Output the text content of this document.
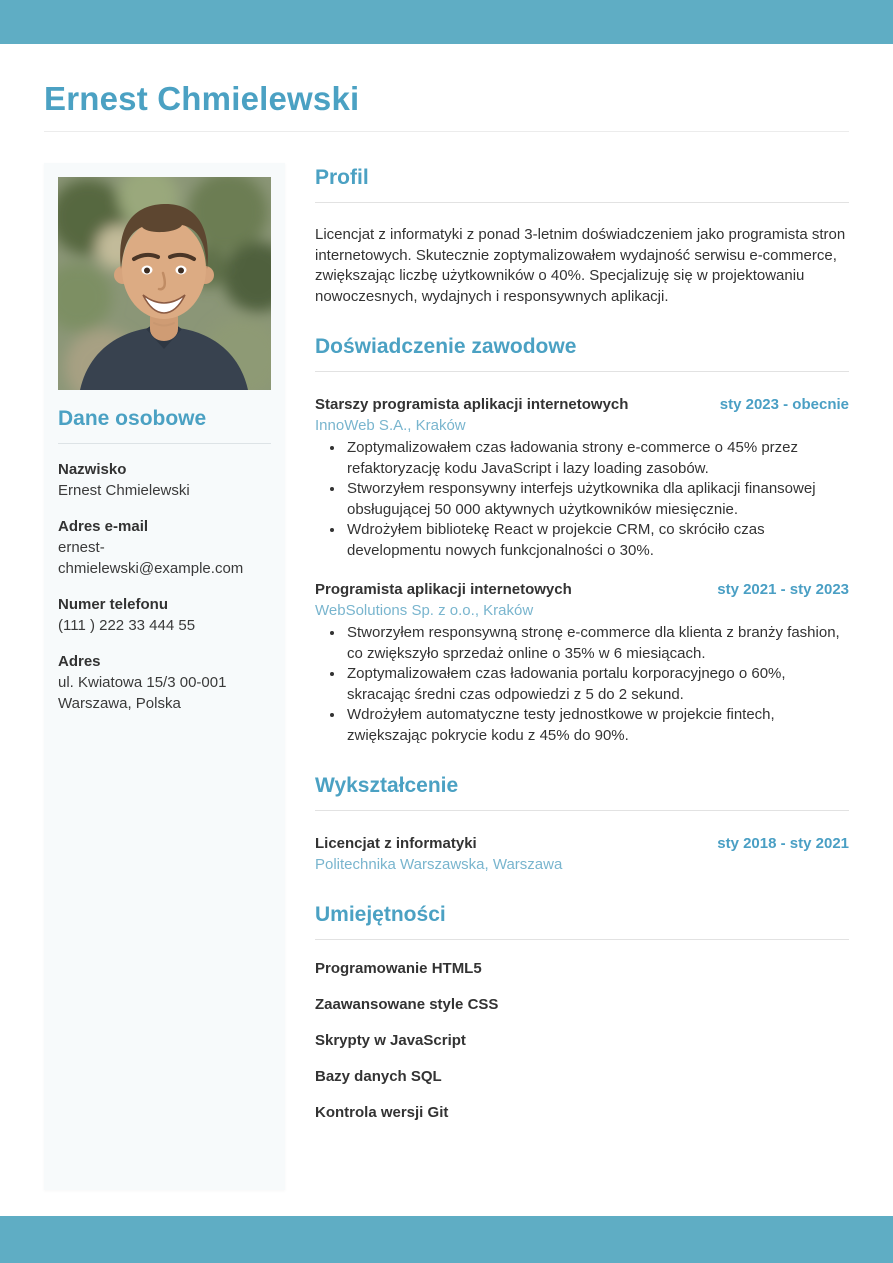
Ernest Chmielewski
Dane osobowe
Nazwisko
Ernest Chmielewski
Adres e-mail
ernest-chmielewski@example.com
Numer telefonu
(111 ) 222 33 444 55
Adres
ul. Kwiatowa 15/3 00-001 Warszawa, Polska
Profil

Licencjat z informatyki z ponad 3-letnim doświadczeniem jako programista stron internetowych. Skutecznie zoptymalizowałem wydajność serwisu e-commerce, zwiększając liczbę użytkowników o 40%. Specjalizuję się w projektowaniu nowoczesnych, wydajnych i responsywnych aplikacji.

Doświadczenie zawodowe
Starszy programista aplikacji internetowych	sty 2023 - obecnie
InnoWeb S.A., Kraków
• Zoptymalizowałem czas ładowania strony e-commerce o 45% przez refaktoryzację kodu JavaScript i lazy loading zasobów.
• Stworzyłem responsywny interfejs użytkownika dla aplikacji finansowej obsługującej 50 000 aktywnych użytkowników miesięcznie.
• Wdrożyłem bibliotekę React w projekcie CRM, co skróciło czas developmentu nowych funkcjonalności o 30%.
Programista aplikacji internetowych	sty 2021 - sty 2023
WebSolutions Sp. z o.o., Kraków
• Stworzyłem responsywną stronę e-commerce dla klienta z branży fashion, co zwiększyło sprzedaż online o 35% w 6 miesiącach.
• Zoptymalizowałem czas ładowania portalu korporacyjnego o 60%, skracając średni czas odpowiedzi z 5 do 2 sekund.
• Wdrożyłem automatyczne testy jednostkowe w projekcie fintech, zwiększając pokrycie kodu z 45% do 90%.
Wykształcenie
Licencjat z informatyki	sty 2018 - sty 2021
Politechnika Warszawska, Warszawa
Umiejętności
Programowanie HTML5
Zaawansowane style CSS
Skrypty w JavaScript
Bazy danych SQL
Kontrola wersji Git
